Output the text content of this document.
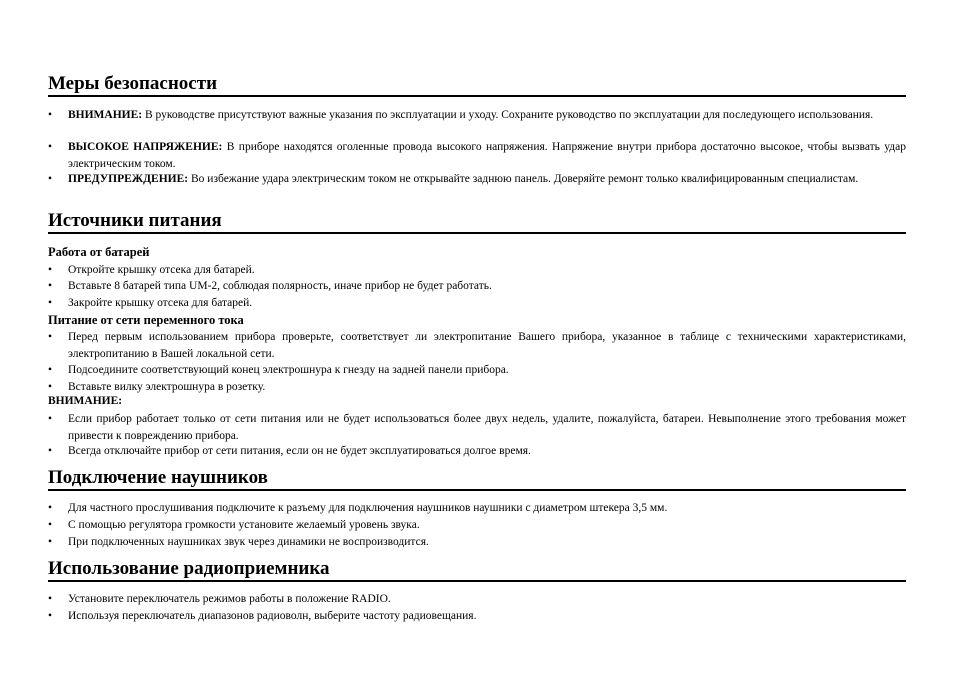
Меры безопасности
•	ВНИМАНИЕ: В руководстве присутствуют важные указания по эксплуатации и уходу. Сохраните руководство по эксплуатации для последующего использования.
•	ВЫСОКОЕ НАПРЯЖЕНИЕ: В приборе находятся оголенные провода высокого напряжения. Напряжение внутри прибора достаточно высокое, чтобы вызвать удар электрическим током.
•	ПРЕДУПРЕЖДЕНИЕ: Во избежание удара электрическим током не открывайте заднюю панель. Доверяйте ремонт только квалифицированным специалистам.
Источники питания
Работа от батарей
•	Откройте крышку отсека для батарей.
•	Вставьте 8 батарей типа UM-2, соблюдая полярность, иначе прибор не будет работать.
•	Закройте крышку отсека для батарей.
Питание от сети переменного тока
•	Перед первым использованием прибора проверьте, соответствует ли электропитание Вашего прибора, указанное в таблице с техническими характеристиками, электропитанию в Вашей локальной сети.
•	Подсоедините соответствующий конец электрошнура к гнезду на задней панели прибора.
•	Вставьте вилку электрошнура в розетку.
ВНИМАНИЕ:
•	Если прибор работает только от сети питания или не будет использоваться более двух недель, удалите, пожалуйста, батареи. Невыполнение этого требования может привести к повреждению прибора.
•	Всегда отключайте прибор от сети питания, если он не будет эксплуатироваться долгое время.
Подключение наушников
•	Для частного прослушивания подключите к разъему для подключения наушников наушники с диаметром штекера 3,5 мм.
•	С помощью регулятора громкости установите желаемый уровень звука.
•	При подключенных наушниках звук через динамики не воспроизводится.
Использование радиоприемника
•	Установите переключатель режимов работы в положение RADIO.
•	Используя переключатель диапазонов радиоволн, выберите частоту радиовещания.
